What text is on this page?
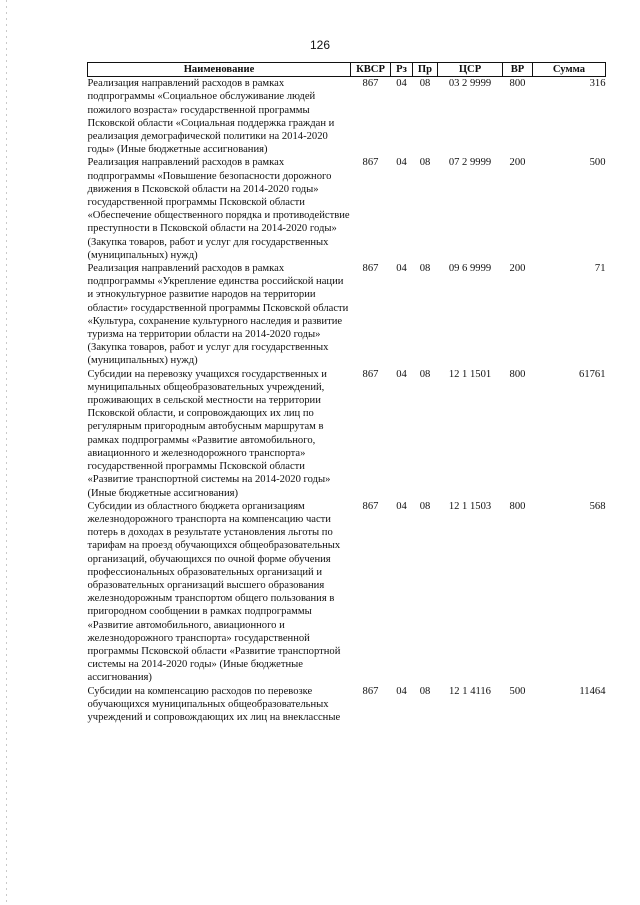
126
Наименование	КВСР	Рз	Пр	ЦСР	ВР	Сумма
Реализация направлений расходов в рамках подпрограммы «Социальное обслуживание людей пожилого возраста» государственной программы Псковской области «Социальная поддержка граждан и реализация демографической политики на 2014-2020 годы» (Иные бюджетные ассигнования)	867	04	08	03 2 9999	800	316
Реализация направлений расходов в рамках подпрограммы «Повышение безопасности дорожного движения в Псковской области на 2014-2020 годы» государственной программы Псковской области «Обеспечение общественного порядка и противодействие преступности в Псковской области на 2014-2020 годы» (Закупка товаров, работ и услуг для государственных (муниципальных) нужд)	867	04	08	07 2 9999	200	500
Реализация направлений расходов в рамках подпрограммы «Укрепление единства российской нации и этнокультурное развитие народов на территории области» государственной программы Псковской области «Культура, сохранение культурного наследия и развитие туризма на территории области на 2014-2020 годы» (Закупка товаров, работ и услуг для государственных (муниципальных) нужд)	867	04	08	09 6 9999	200	71
Субсидии на перевозку учащихся государственных и муниципальных общеобразовательных учреждений, проживающих в сельской местности на территории Псковской области, и сопровождающих их лиц по регулярным пригородным автобусным маршрутам в рамках подпрограммы «Развитие автомобильного, авиационного и железнодорожного транспорта» государственной программы Псковской области «Развитие транспортной системы на 2014-2020 годы» (Иные бюджетные ассигнования)	867	04	08	12 1 1501	800	61761
Субсидии из областного бюджета организациям железнодорожного транспорта на компенсацию части потерь в доходах в результате установления льготы по тарифам на проезд обучающихся общеобразовательных организаций, обучающихся по очной форме обучения профессиональных образовательных организаций и образовательных организаций высшего образования железнодорожным транспортом общего пользования в пригородном сообщении в рамках подпрограммы «Развитие автомобильного, авиационного и железнодорожного транспорта» государственной программы Псковской области «Развитие транспортной системы на 2014-2020 годы» (Иные бюджетные ассигнования)	867	04	08	12 1 1503	800	568
Субсидии на компенсацию расходов по перевозке обучающихся муниципальных общеобразовательных учреждений и сопровождающих их лиц на внеклассные	867	04	08	12 1 4116	500	11464
